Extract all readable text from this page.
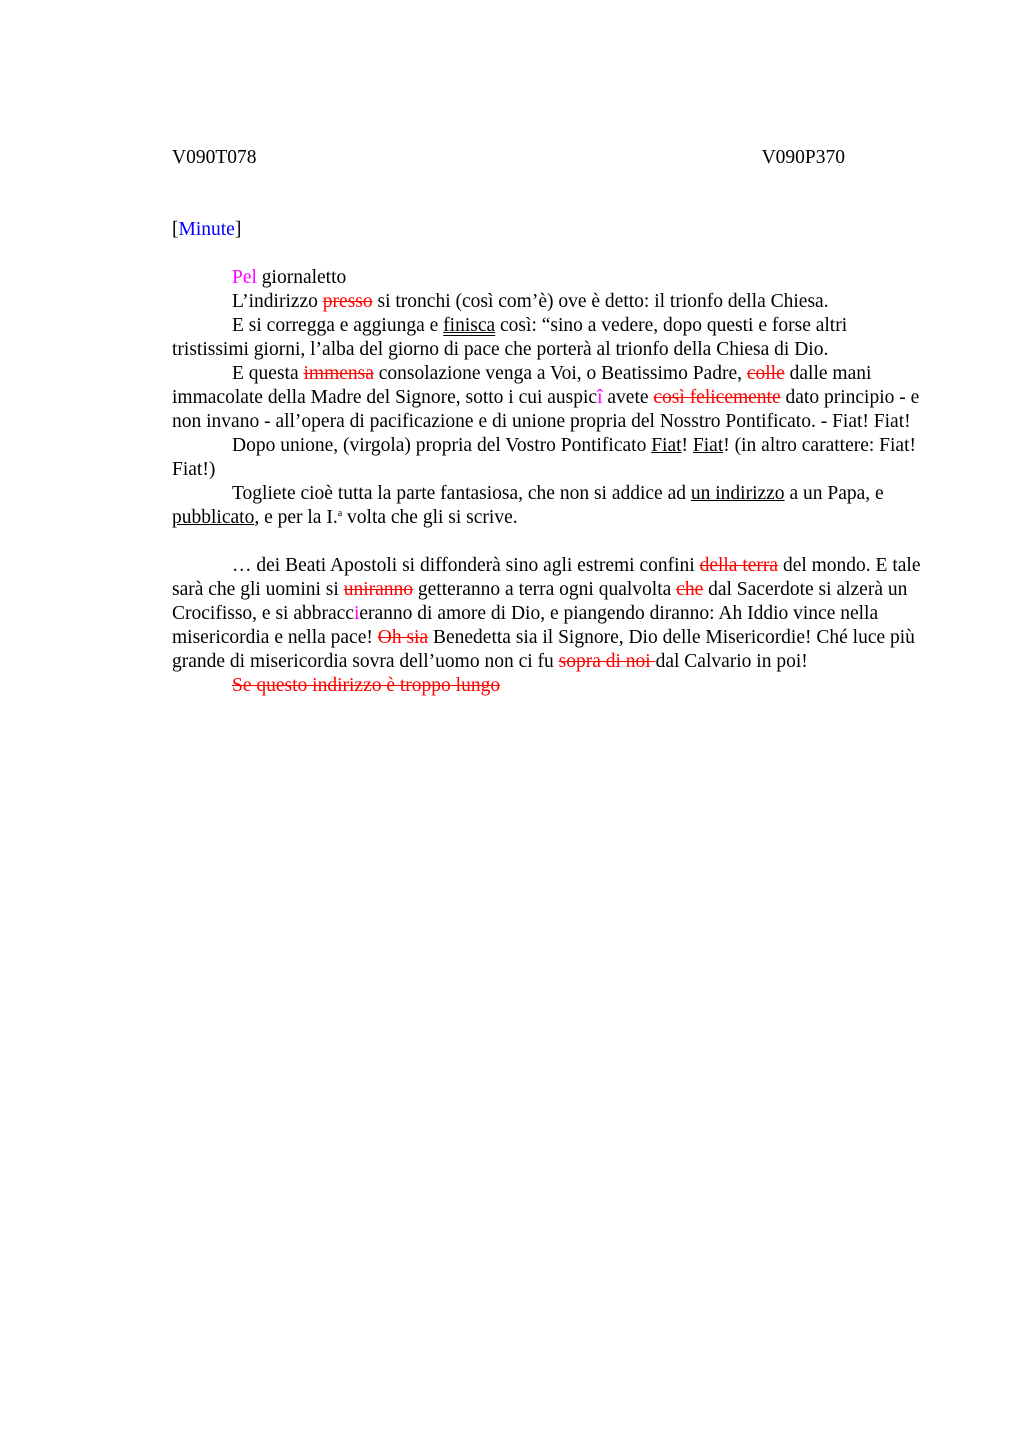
V090T078	V090P370

[Minute]

Pel giornaletto

L’indirizzo presso si tronchi (così com’è) ove è detto: il trionfo della Chiesa.

E si corregga e aggiunga e finisca così: “sino a vedere, dopo questi e forse altri tristissimi giorni, l’alba del giorno di pace che porterà al trionfo della Chiesa di Dio.

E questa immensa consolazione venga a Voi, o Beatissimo Padre, colle dalle mani immacolate della Madre del Signore, sotto i cui auspicî avete così felicemente dato principio - e non invano - all’opera di pacificazione e di unione propria del Nosstro Pontificato. - Fiat! Fiat!

Dopo unione, (virgola) propria del Vostro Pontificato Fiat! Fiat! (in altro carattere: Fiat! Fiat!)

Togliete cioè tutta la parte fantasiosa, che non si addice ad un indirizzo a un Papa, e pubblicato, e per la I.$^a$ volta che gli si scrive.

… dei Beati Apostoli si diffonderà sino agli estremi confini della terra del mondo. E tale sarà che gli uomini si uniranno getteranno a terra ogni qualvolta che dal Sacerdote si alzerà un Crocifisso, e si abbraccieranno di amore di Dio, e piangendo diranno: Ah Iddio vince nella misericordia e nella pace! Oh sia Benedetta sia il Signore, Dio delle Misericordie! Ché luce più grande di misericordia sovra dell’uomo non ci fu sopra di noi dal Calvario in poi!

Se questo indirizzo è troppo lungo
